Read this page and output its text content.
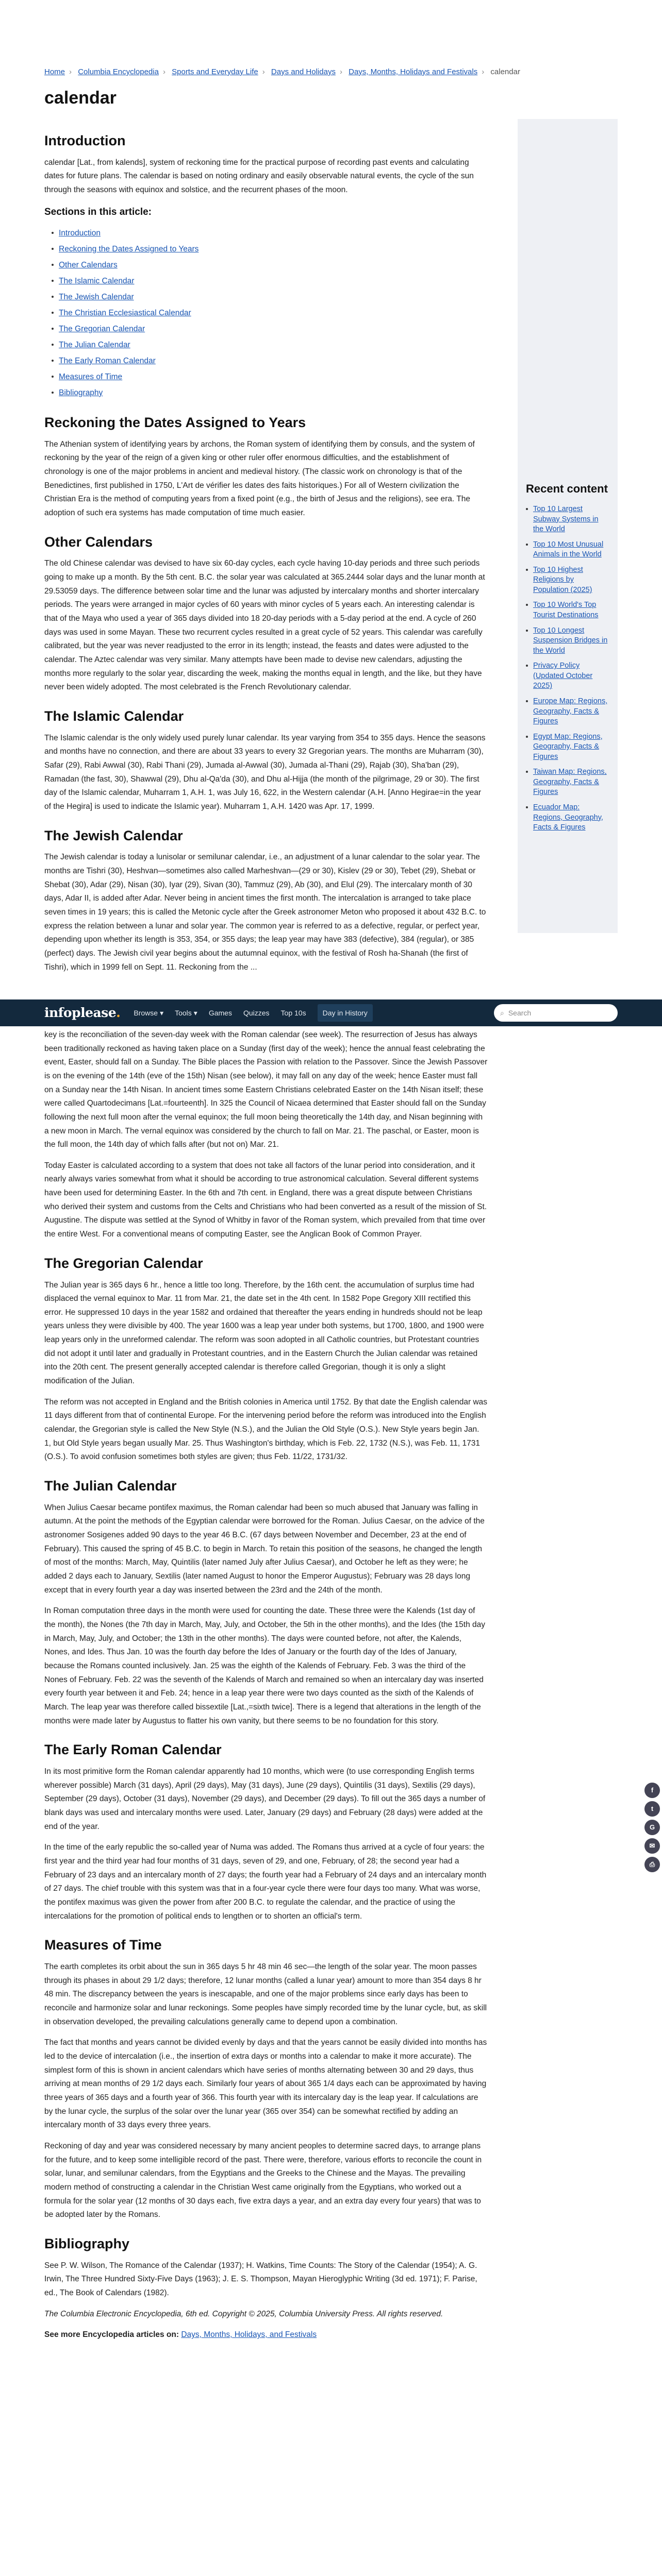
Home › Columbia Encyclopedia › Sports and Everyday Life › Days and Holidays › Days, Months, Holidays and Festivals › calendar
calendar
Introduction

calendar [Lat., from kalends], system of reckoning time for the practical purpose of recording past events and calculating dates for future plans. The calendar is based on noting ordinary and easily observable natural events, the cycle of the sun through the seasons with equinox and solstice, and the recurrent phases of the moon.

Sections in this article:
Introduction
Reckoning the Dates Assigned to Years
Other Calendars
The Islamic Calendar
The Jewish Calendar
The Christian Ecclesiastical Calendar
The Gregorian Calendar
The Julian Calendar
The Early Roman Calendar
Measures of Time
Bibliography
Reckoning the Dates Assigned to Years

The Athenian system of identifying years by archons, the Roman system of identifying them by consuls, and the system of reckoning by the year of the reign of a given king or other ruler offer enormous difficulties, and the establishment of chronology is one of the major problems in ancient and medieval history. (The classic work on chronology is that of the Benedictines, first published in 1750, L'Art de vérifier les dates des faits historiques.) For all of Western civilization the Christian Era is the method of computing years from a fixed point (e.g., the birth of Jesus and the religions), see era. The adoption of such era systems has made computation of time much easier.

Other Calendars

The old Chinese calendar was devised to have six 60-day cycles, each cycle having 10-day periods and three such periods going to make up a month. By the 5th cent. B.C. the solar year was calculated at 365.2444 solar days and the lunar month at 29.53059 days. The difference between solar time and the lunar was adjusted by intercalary months and shorter intercalary periods. The years were arranged in major cycles of 60 years with minor cycles of 5 years each. An interesting calendar is that of the Maya who used a year of 365 days divided into 18 20-day periods with a 5-day period at the end. A cycle of 260 days was used in some Mayan. These two recurrent cycles resulted in a great cycle of 52 years. This calendar was carefully calibrated, but the year was never readjusted to the error in its length; instead, the feasts and dates were adjusted to the calendar. The Aztec calendar was very similar. Many attempts have been made to devise new calendars, adjusting the months more regularly to the solar year, discarding the week, making the months equal in length, and the like, but they have never been widely adopted. The most celebrated is the French Revolutionary calendar.

The Islamic Calendar

The Islamic calendar is the only widely used purely lunar calendar. Its year varying from 354 to 355 days. Hence the seasons and months have no connection, and there are about 33 years to every 32 Gregorian years. The months are Muharram (30), Safar (29), Rabi Awwal (30), Rabi Thani (29), Jumada al-Awwal (30), Jumada al-Thani (29), Rajab (30), Sha'ban (29), Ramadan (the fast, 30), Shawwal (29), Dhu al-Qa'da (30), and Dhu al-Hijja (the month of the pilgrimage, 29 or 30). The first day of the Islamic calendar, Muharram 1, A.H. 1, was July 16, 622, in the Western calendar (A.H. [Anno Hegirae=in the year of the Hegira] is used to indicate the Islamic year). Muharram 1, A.H. 1420 was Apr. 17, 1999.

The Jewish Calendar

The Jewish calendar is today a lunisolar or semilunar calendar, i.e., an adjustment of a lunar calendar to the solar year. The months are Tishri (30), Heshvan—sometimes also called Marheshvan—(29 or 30), Kislev (29 or 30), Tebet (29), Shebat or Shebat (30), Adar (29), Nisan (30), Iyar (29), Sivan (30), Tammuz (29), Ab (30), and Elul (29). The intercalary month of 30 days, Adar II, is added after Adar. Never being in ancient times the first month. The intercalation is arranged to take place seven times in 19 years; this is called the Metonic cycle after the Greek astronomer Meton who proposed it about 432 B.C. to express the relation between a lunar and solar year. The common year is referred to as a defective, regular, or perfect year, depending upon whether its length is 353, 354, or 355 days; the leap year may have 383 (defective), 384 (regular), or 385 (perfect) days. The Jewish civil year begins about the autumnal equinox, with the festival of Rosh ha-Shanah (the first of Tishri), which in 1999 fell on Sept. 11. Reckoning from the ...

key is the reconciliation of the seven-day week with the Roman calendar (see week). The resurrection of Jesus has always been traditionally reckoned as having taken place on a Sunday (first day of the week); hence the annual feast celebrating the event, Easter, should fall on a Sunday. The Bible places the Passion with relation to the Passover. Since the Jewish Passover is on the evening of the 14th (eve of the 15th) Nisan (see below), it may fall on any day of the week; hence Easter must fall on a Sunday near the 14th Nisan. In ancient times some Eastern Christians celebrated Easter on the 14th Nisan itself; these were called Quartodecimans [Lat.=fourteenth]. In 325 the Council of Nicaea determined that Easter should fall on the Sunday following the next full moon after the vernal equinox; the full moon being theoretically the 14th day, and Nisan beginning with a new moon in March. The vernal equinox was considered by the church to fall on Mar. 21. The paschal, or Easter, moon is the full moon, the 14th day of which falls after (but not on) Mar. 21.

Today Easter is calculated according to a system that does not take all factors of the lunar period into consideration, and it nearly always varies somewhat from what it should be according to true astronomical calculation. Several different systems have been used for determining Easter. In the 6th and 7th cent. in England, there was a great dispute between Christians who derived their system and customs from the Celts and Christians who had been converted as a result of the mission of St. Augustine. The dispute was settled at the Synod of Whitby in favor of the Roman system, which prevailed from that time over the entire West. For a conventional means of computing Easter, see the Anglican Book of Common Prayer.

The Gregorian Calendar

The Julian year is 365 days 6 hr., hence a little too long. Therefore, by the 16th cent. the accumulation of surplus time had displaced the vernal equinox to Mar. 11 from Mar. 21, the date set in the 4th cent. In 1582 Pope Gregory XIII rectified this error. He suppressed 10 days in the year 1582 and ordained that thereafter the years ending in hundreds should not be leap years unless they were divisible by 400. The year 1600 was a leap year under both systems, but 1700, 1800, and 1900 were leap years only in the unreformed calendar. The reform was soon adopted in all Catholic countries, but Protestant countries did not adopt it until later and gradually in Protestant countries, and in the Eastern Church the Julian calendar was retained into the 20th cent. The present generally accepted calendar is therefore called Gregorian, though it is only a slight modification of the Julian.

The reform was not accepted in England and the British colonies in America until 1752. By that date the English calendar was 11 days different from that of continental Europe. For the intervening period before the reform was introduced into the English calendar, the Gregorian style is called the New Style (N.S.), and the Julian the Old Style (O.S.). New Style years begin Jan. 1, but Old Style years began usually Mar. 25. Thus Washington's birthday, which is Feb. 22, 1732 (N.S.), was Feb. 11, 1731 (O.S.). To avoid confusion sometimes both styles are given; thus Feb. 11/22, 1731/32.

The Julian Calendar

When Julius Caesar became pontifex maximus, the Roman calendar had been so much abused that January was falling in autumn. At the point the methods of the Egyptian calendar were borrowed for the Roman. Julius Caesar, on the advice of the astronomer Sosigenes added 90 days to the year 46 B.C. (67 days between November and December, 23 at the end of February). This caused the spring of 45 B.C. to begin in March. To retain this position of the seasons, he changed the length of most of the months: March, May, Quintilis (later named July after Julius Caesar), and October he left as they were; he added 2 days each to January, Sextilis (later named August to honor the Emperor Augustus); February was 28 days long except that in every fourth year a day was inserted between the 23rd and the 24th of the month.

In Roman computation three days in the month were used for counting the date. These three were the Kalends (1st day of the month), the Nones (the 7th day in March, May, July, and October, the 5th in the other months), and the Ides (the 15th day in March, May, July, and October; the 13th in the other months). The days were counted before, not after, the Kalends, Nones, and Ides. Thus Jan. 10 was the fourth day before the Ides of January or the fourth day of the Ides of January, because the Romans counted inclusively. Jan. 25 was the eighth of the Kalends of February. Feb. 3 was the third of the Nones of February. Feb. 22 was the seventh of the Kalends of March and remained so when an intercalary day was inserted every fourth year between it and Feb. 24; hence in a leap year there were two days counted as the sixth of the Kalends of March. The leap year was therefore called bissextile [Lat.,=sixth twice]. There is a legend that alterations in the length of the months were made later by Augustus to flatter his own vanity, but there seems to be no foundation for this story.

The Early Roman Calendar

In its most primitive form the Roman calendar apparently had 10 months, which were (to use corresponding English terms wherever possible) March (31 days), April (29 days), May (31 days), June (29 days), Quintilis (31 days), Sextilis (29 days), September (29 days), October (31 days), November (29 days), and December (29 days). To fill out the 365 days a number of blank days was used and intercalary months were used. Later, January (29 days) and February (28 days) were added at the end of the year.

In the time of the early republic the so-called year of Numa was added. The Romans thus arrived at a cycle of four years: the first year and the third year had four months of 31 days, seven of 29, and one, February, of 28; the second year had a February of 23 days and an intercalary month of 27 days; the fourth year had a February of 24 days and an intercalary month of 27 days. The chief trouble with this system was that in a four-year cycle there were four days too many. What was worse, the pontifex maximus was given the power from after 200 B.C. to regulate the calendar, and the practice of using the intercalations for the promotion of political ends to lengthen or to shorten an official's term.

Measures of Time

The earth completes its orbit about the sun in 365 days 5 hr 48 min 46 sec—the length of the solar year. The moon passes through its phases in about 29 1/2 days; therefore, 12 lunar months (called a lunar year) amount to more than 354 days 8 hr 48 min. The discrepancy between the years is inescapable, and one of the major problems since early days has been to reconcile and harmonize solar and lunar reckonings. Some peoples have simply recorded time by the lunar cycle, but, as skill in observation developed, the prevailing calculations generally came to depend upon a combination.

The fact that months and years cannot be divided evenly by days and that the years cannot be easily divided into months has led to the device of intercalation (i.e., the insertion of extra days or months into a calendar to make it more accurate). The simplest form of this is shown in ancient calendars which have series of months alternating between 30 and 29 days, thus arriving at mean months of 29 1/2 days each. Similarly four years of about 365 1/4 days each can be approximated by having three years of 365 days and a fourth year of 366. This fourth year with its intercalary day is the leap year. If calculations are by the lunar cycle, the surplus of the solar over the lunar year (365 over 354) can be somewhat rectified by adding an intercalary month of 33 days every three years.

Reckoning of day and year was considered necessary by many ancient peoples to determine sacred days, to arrange plans for the future, and to keep some intelligible record of the past. There were, therefore, various efforts to reconcile the count in solar, lunar, and semilunar calendars, from the Egyptians and the Greeks to the Chinese and the Mayas. The prevailing modern method of constructing a calendar in the Christian West came originally from the Egyptians, who worked out a formula for the solar year (12 months of 30 days each, five extra days a year, and an extra day every four years) that was to be adopted later by the Romans.

Bibliography

See P. W. Wilson, The Romance of the Calendar (1937); H. Watkins, Time Counts: The Story of the Calendar (1954); A. G. Irwin, The Three Hundred Sixty-Five Days (1963); J. E. S. Thompson, Mayan Hieroglyphic Writing (3d ed. 1971); F. Parise, ed., The Book of Calendars (1982).

The Columbia Electronic Encyclopedia, 6th ed. Copyright © 2025, Columbia University Press. All rights reserved.

See more Encyclopedia articles on: Days, Months, Holidays, and Festivals

Recent content
Top 10 Largest Subway Systems in the World
Top 10 Most Unusual Animals in the World
Top 10 Highest Religions by Population (2025)
Top 10 World's Top Tourist Destinations
Top 10 Longest Suspension Bridges in the World
Privacy Policy (Updated October 2025)
Europe Map: Regions, Geography, Facts & Figures
Egypt Map: Regions, Geography, Facts & Figures
Taiwan Map: Regions, Geography, Facts & Figures
Ecuador Map: Regions, Geography, Facts & Figures
infoplease. Browse ▾ Tools ▾ Games Quizzes Top 10s	Day in History	⌕ Search
f
t
G
✉
⎙
